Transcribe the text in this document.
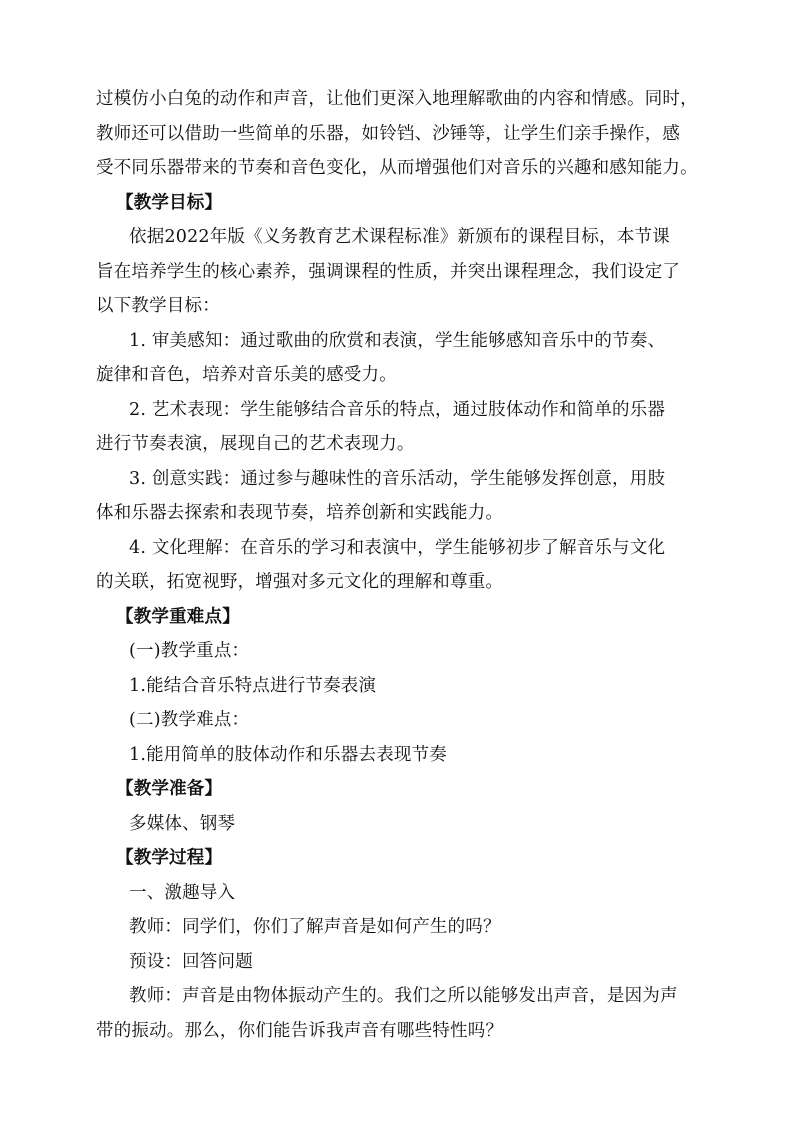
过模仿小白兔的动作和声音，让他们更深入地理解歌曲的内容和情感。同时，
教师还可以借助一些简单的乐器，如铃铛、沙锤等，让学生们亲手操作，感
受不同乐器带来的节奏和音色变化，从而增强他们对音乐的兴趣和感知能力。
【教学目标】
依据2022年版《义务教育艺术课程标准》新颁布的课程目标，本节课
旨在培养学生的核心素养，强调课程的性质，并突出课程理念，我们设定了
以下教学目标：
1. 审美感知：通过歌曲的欣赏和表演，学生能够感知音乐中的节奏、
旋律和音色，培养对音乐美的感受力。
2. 艺术表现：学生能够结合音乐的特点，通过肢体动作和简单的乐器
进行节奏表演，展现自己的艺术表现力。
3. 创意实践：通过参与趣味性的音乐活动，学生能够发挥创意，用肢
体和乐器去探索和表现节奏，培养创新和实践能力。
4. 文化理解：在音乐的学习和表演中，学生能够初步了解音乐与文化
的关联，拓宽视野，增强对多元文化的理解和尊重。
【教学重难点】
(一)教学重点：
1.能结合音乐特点进行节奏表演
(二)教学难点：
1.能用简单的肢体动作和乐器去表现节奏
【教学准备】
多媒体、钢琴
【教学过程】
一、激趣导入
教师：同学们，你们了解声音是如何产生的吗？
预设：回答问题
教师：声音是由物体振动产生的。我们之所以能够发出声音，是因为声
带的振动。那么，你们能告诉我声音有哪些特性吗？
